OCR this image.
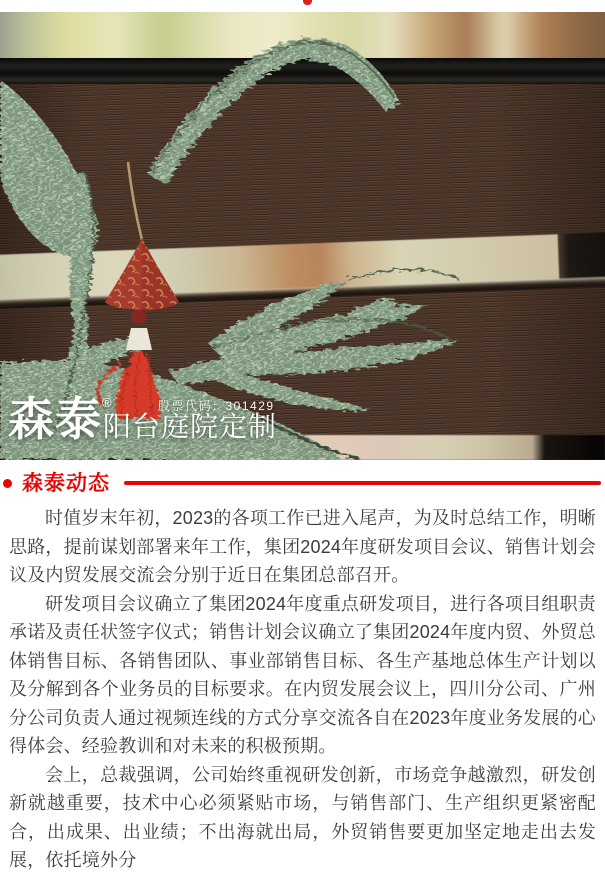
森泰®
阳台庭院定制
股票代码：301429
森泰动态

时值岁末年初，2023的各项工作已进入尾声，为及时总结工作，明晰思路，提前谋划部署来年工作，集团2024年度研发项目会议、销售计划会议及内贸发展交流会分别于近日在集团总部召开。

研发项目会议确立了集团2024年度重点研发项目，进行各项目组职责承诺及责任状签字仪式；销售计划会议确立了集团2024年度内贸、外贸总体销售目标、各销售团队、事业部销售目标、各生产基地总体生产计划以及分解到各个业务员的目标要求。在内贸发展会议上，四川分公司、广州分公司负责人通过视频连线的方式分享交流各自在2023年度业务发展的心得体会、经验教训和对未来的积极预期。

会上，总裁强调，公司始终重视研发创新，市场竞争越激烈，研发创新就越重要，技术中心必须紧贴市场，与销售部门、生产组织更紧密配合，出成果、出业绩；不出海就出局，外贸销售要更加坚定地走出去发展，依托境外分
